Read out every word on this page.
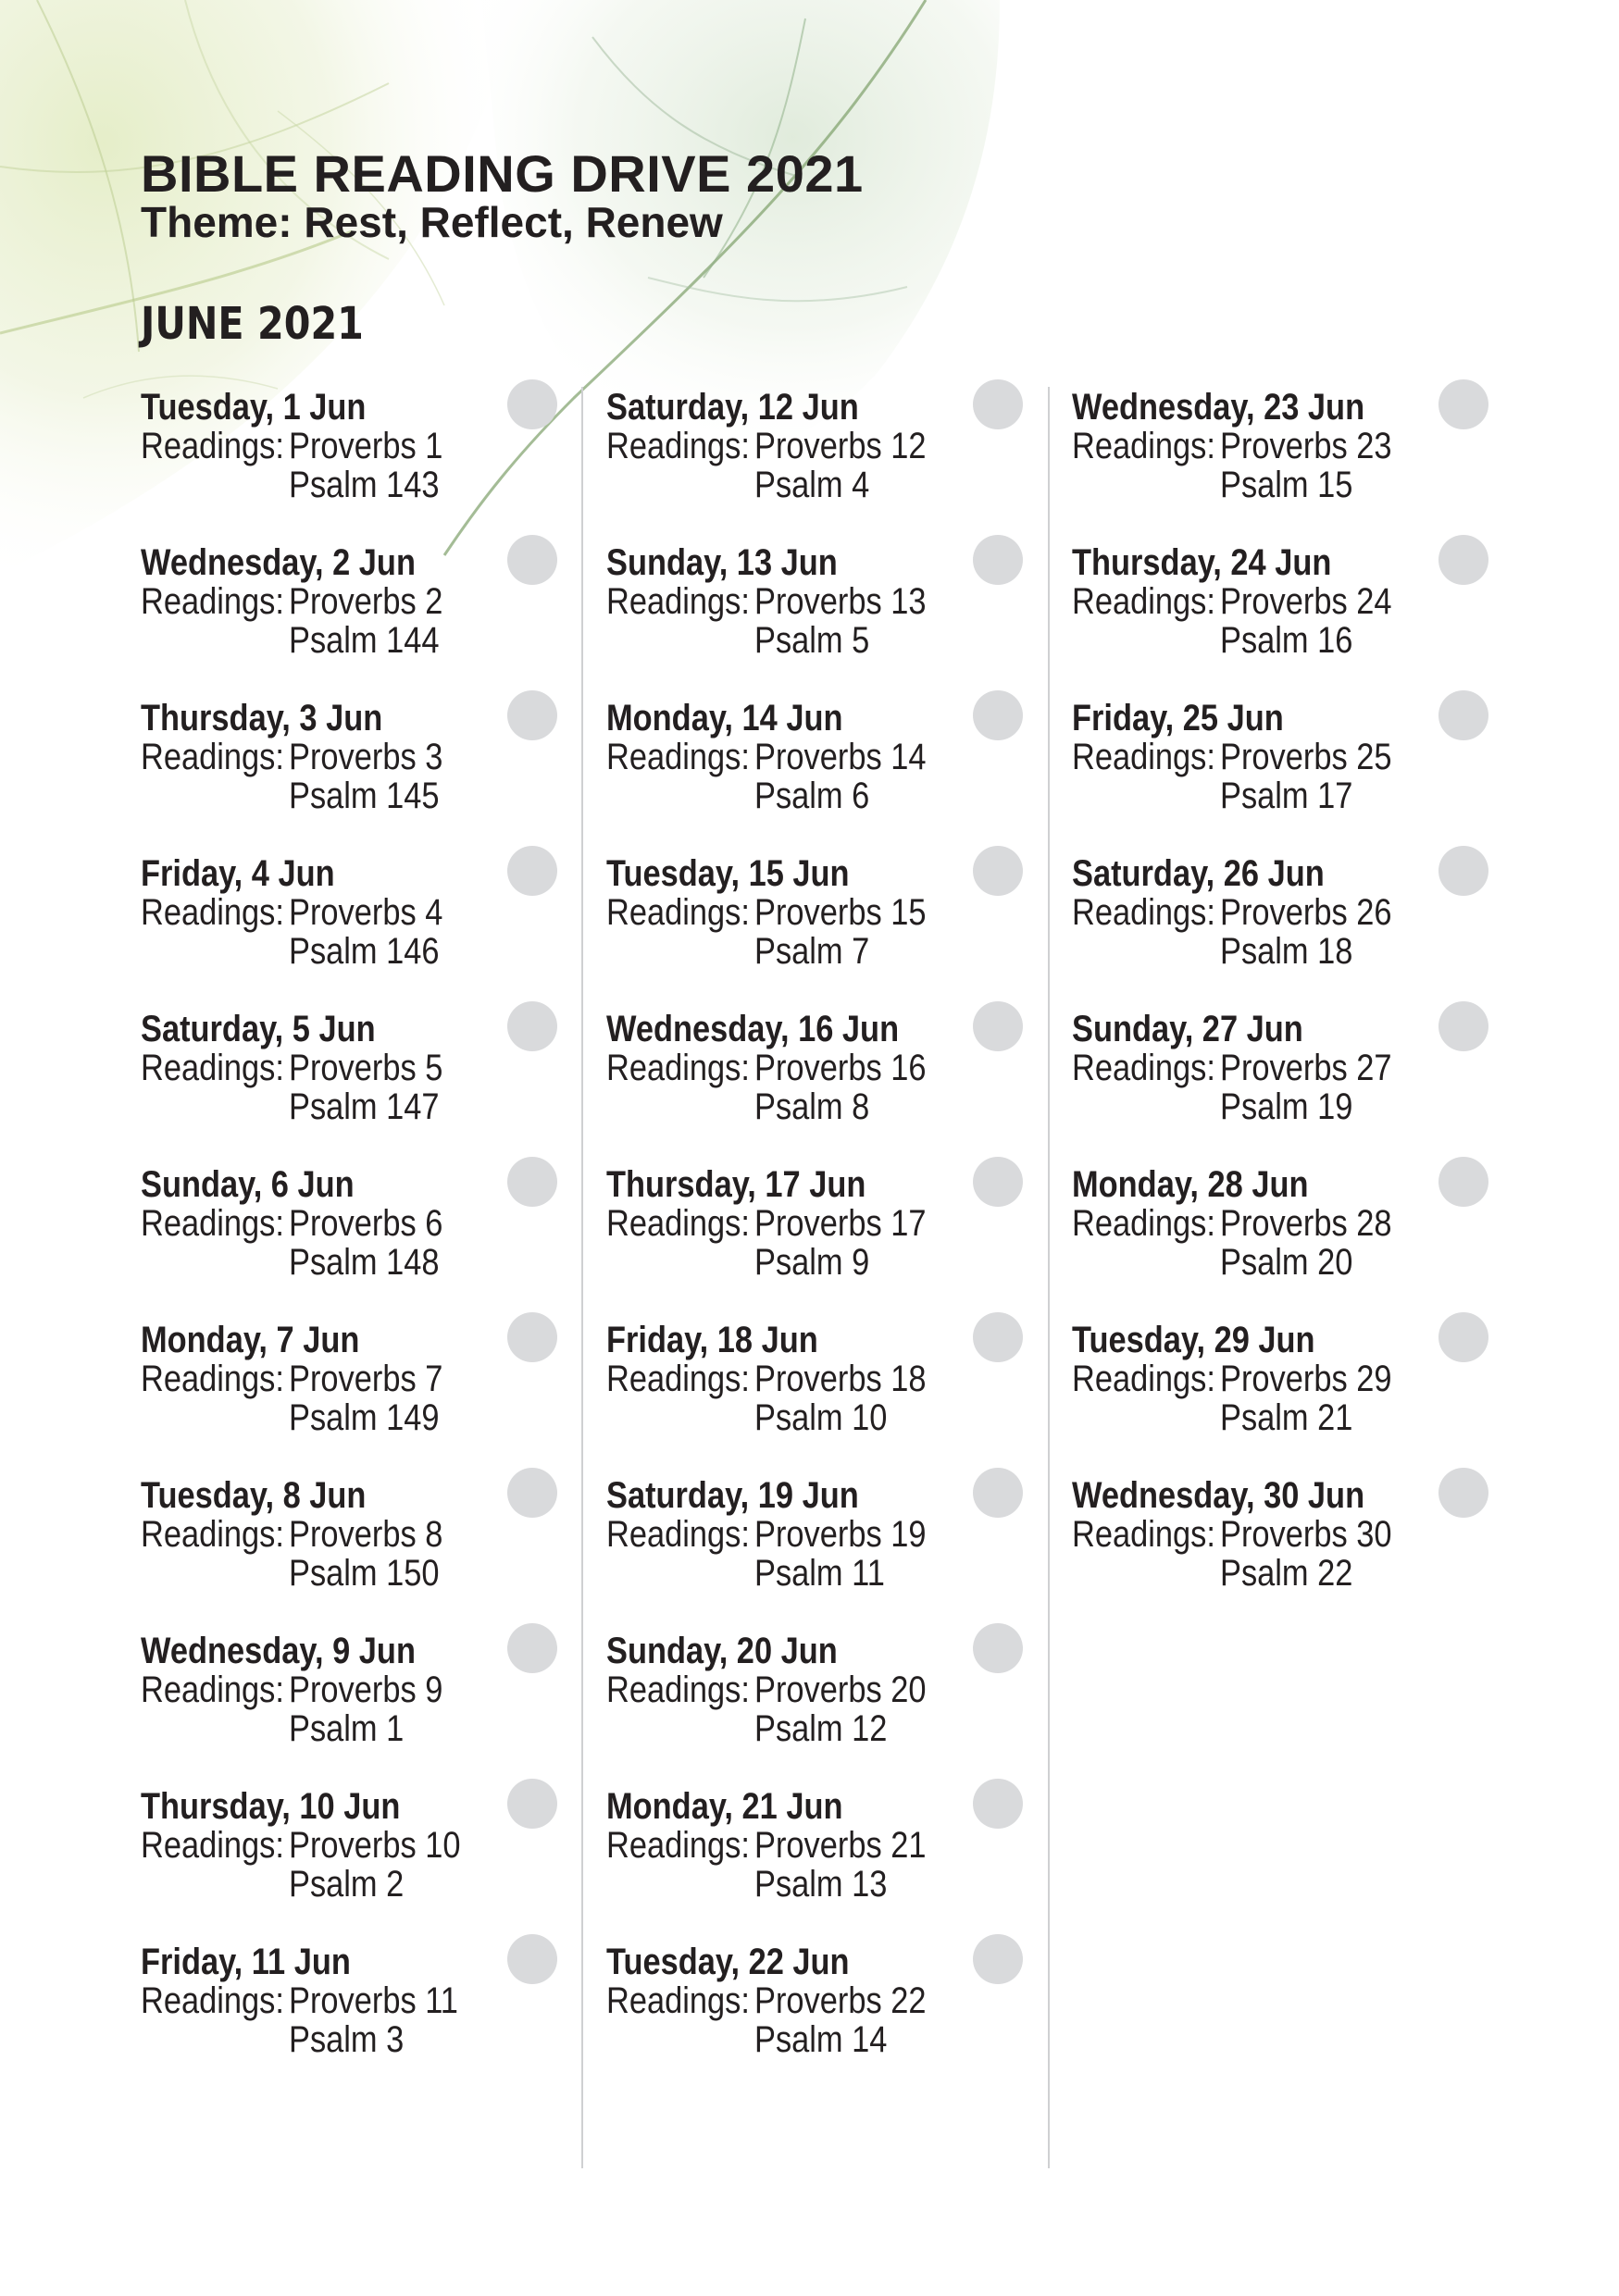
BIBLE READING DRIVE 2021
Theme: Rest, Reflect, Renew
JUNE 2021
Tuesday, 1 Jun
Readings: Proverbs 1
Psalm 143
Wednesday, 2 Jun
Readings: Proverbs 2
Psalm 144
Thursday, 3 Jun
Readings: Proverbs 3
Psalm 145
Friday, 4 Jun
Readings: Proverbs 4
Psalm 146
Saturday, 5 Jun
Readings: Proverbs 5
Psalm 147
Sunday, 6 Jun
Readings: Proverbs 6
Psalm 148
Monday, 7 Jun
Readings: Proverbs 7
Psalm 149
Tuesday, 8 Jun
Readings: Proverbs 8
Psalm 150
Wednesday, 9 Jun
Readings: Proverbs 9
Psalm 1
Thursday, 10 Jun
Readings: Proverbs 10
Psalm 2
Friday, 11 Jun
Readings: Proverbs 11
Psalm 3
Saturday, 12 Jun
Readings: Proverbs 12
Psalm 4
Sunday, 13 Jun
Readings: Proverbs 13
Psalm 5
Monday, 14 Jun
Readings: Proverbs 14
Psalm 6
Tuesday, 15 Jun
Readings: Proverbs 15
Psalm 7
Wednesday, 16 Jun
Readings: Proverbs 16
Psalm 8
Thursday, 17 Jun
Readings: Proverbs 17
Psalm 9
Friday, 18 Jun
Readings: Proverbs 18
Psalm 10
Saturday, 19 Jun
Readings: Proverbs 19
Psalm 11
Sunday, 20 Jun
Readings: Proverbs 20
Psalm 12
Monday, 21 Jun
Readings: Proverbs 21
Psalm 13
Tuesday, 22 Jun
Readings: Proverbs 22
Psalm 14
Wednesday, 23 Jun
Readings: Proverbs 23
Psalm 15
Thursday, 24 Jun
Readings: Proverbs 24
Psalm 16
Friday, 25 Jun
Readings: Proverbs 25
Psalm 17
Saturday, 26 Jun
Readings: Proverbs 26
Psalm 18
Sunday, 27 Jun
Readings: Proverbs 27
Psalm 19
Monday, 28 Jun
Readings: Proverbs 28
Psalm 20
Tuesday, 29 Jun
Readings: Proverbs 29
Psalm 21
Wednesday, 30 Jun
Readings: Proverbs 30
Psalm 22
